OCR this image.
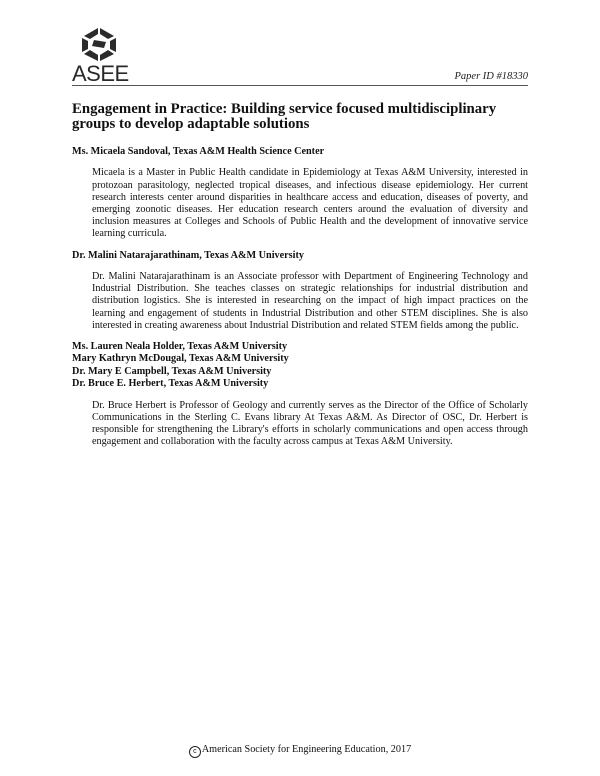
ASEE	Paper ID #18330
Engagement in Practice: Building service focused multidisciplinary groups to develop adaptable solutions

Ms. Micaela Sandoval, Texas A&M Health Science Center

Micaela is a Master in Public Health candidate in Epidemiology at Texas A&M University, interested in protozoan parasitology, neglected tropical diseases, and infectious disease epidemiology. Her current research interests center around disparities in healthcare access and education, diseases of poverty, and emerging zoonotic diseases. Her education research centers around the evaluation of diversity and inclusion measures at Colleges and Schools of Public Health and the development of innovative service learning curricula.

Dr. Malini Natarajarathinam, Texas A&M University

Dr. Malini Natarajarathinam is an Associate professor with Department of Engineering Technology and Industrial Distribution. She teaches classes on strategic relationships for industrial distribution and distribution logistics. She is interested in researching on the impact of high impact practices on the learning and engagement of students in Industrial Distribution and other STEM disciplines. She is also interested in creating awareness about Industrial Distribution and related STEM fields among the public.

Ms. Lauren Neala Holder, Texas A&M University

Mary Kathryn McDougal, Texas A&M University

Dr. Mary E Campbell, Texas A&M University

Dr. Bruce E. Herbert, Texas A&M University

Dr. Bruce Herbert is Professor of Geology and currently serves as the Director of the Office of Scholarly Communications in the Sterling C. Evans library At Texas A&M. As Director of OSC, Dr. Herbert is responsible for strengthening the Library's efforts in scholarly communications and open access through engagement and collaboration with the faculty across campus at Texas A&M University.

c American Society for Engineering Education, 2017
